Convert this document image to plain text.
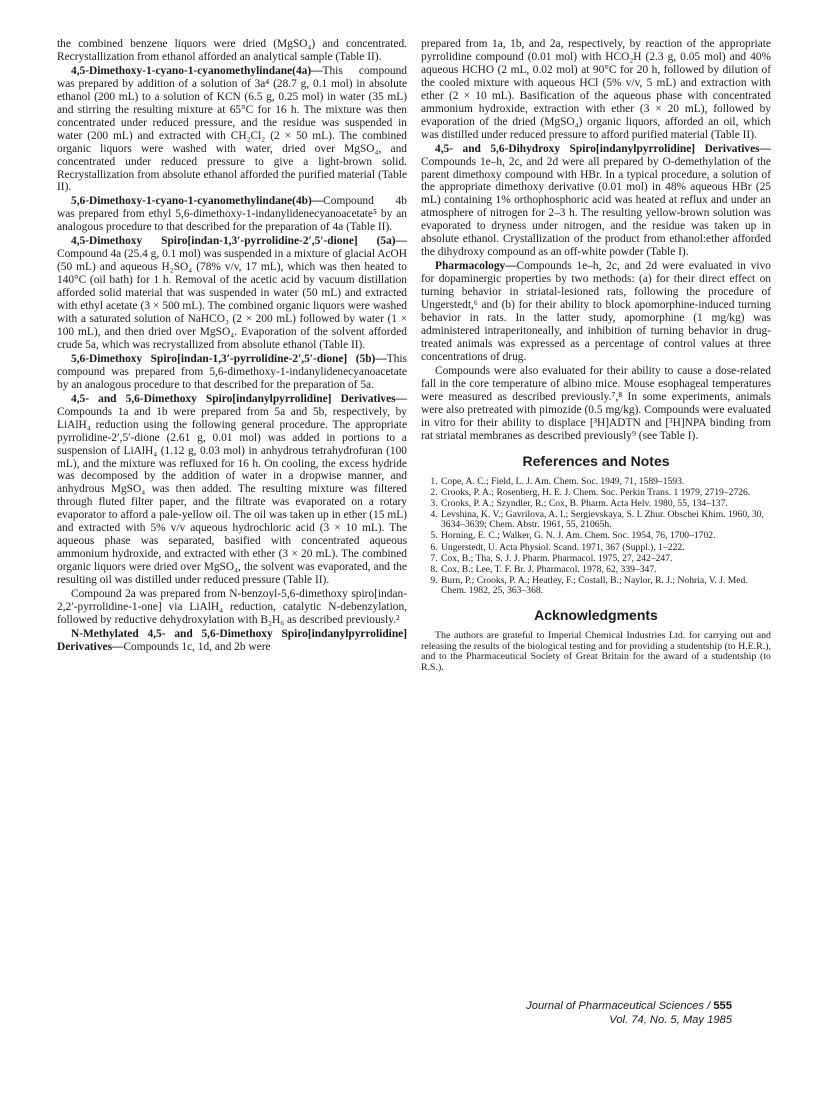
the combined benzene liquors were dried (MgSO₄) and concentrated. Recrystallization from ethanol afforded an analytical sample (Table II).

4,5-Dimethoxy-1-cyano-1-cyanomethylindane(4a)—This compound was prepared by addition of a solution of 3a⁴ (28.7 g, 0.1 mol) in absolute ethanol (200 mL) to a solution of KCN (6.5 g, 0.25 mol) in water (35 mL) and stirring the resulting mixture at 65°C for 16 h. The mixture was then concentrated under reduced pressure, and the residue was suspended in water (200 mL) and extracted with CH₂Cl₂ (2 × 50 mL). The combined organic liquors were washed with water, dried over MgSO₄, and concentrated under reduced pressure to give a light-brown solid. Recrystallization from absolute ethanol afforded the purified material (Table II).

5,6-Dimethoxy-1-cyano-1-cyanomethylindane(4b)—Compound 4b was prepared from ethyl 5,6-dimethoxy-1-indanylidenecyanoacetate⁵ by an analogous procedure to that described for the preparation of 4a (Table II).

4,5-Dimethoxy Spiro[indan-1,3′-pyrrolidine-2′,5′-dione] (5a)—Compound 4a (25.4 g, 0.1 mol) was suspended in a mixture of glacial AcOH (50 mL) and aqueous H₂SO₄ (78% v/v, 17 mL), which was then heated to 140°C (oil bath) for 1 h. Removal of the acetic acid by vacuum distillation afforded solid material that was suspended in water (50 mL) and extracted with ethyl acetate (3 × 500 mL). The combined organic liquors were washed with a saturated solution of NaHCO₃ (2 × 200 mL) followed by water (1 × 100 mL), and then dried over MgSO₄. Evaporation of the solvent afforded crude 5a, which was recrystallized from absolute ethanol (Table II).

5,6-Dimethoxy Spiro[indan-1,3′-pyrrolidine-2′,5′-dione] (5b)—This compound was prepared from 5,6-dimethoxy-1-indanylidenecyanoacetate by an analogous procedure to that described for the preparation of 5a.

4,5- and 5,6-Dimethoxy Spiro[indanylpyrrolidine] Derivatives—Compounds 1a and 1b were prepared from 5a and 5b, respectively, by LiAlH₄ reduction using the following general procedure. The appropriate pyrrolidine-2′,5′-dione (2.61 g, 0.01 mol) was added in portions to a suspension of LiAlH₄ (1.12 g, 0.03 mol) in anhydrous tetrahydrofuran (100 mL), and the mixture was refluxed for 16 h. On cooling, the excess hydride was decomposed by the addition of water in a dropwise manner, and anhydrous MgSO₄ was then added. The resulting mixture was filtered through fluted filter paper, and the filtrate was evaporated on a rotary evaporator to afford a pale-yellow oil. The oil was taken up in ether (15 mL) and extracted with 5% v/v aqueous hydrochloric acid (3 × 10 mL). The aqueous phase was separated, basified with concentrated aqueous ammonium hydroxide, and extracted with ether (3 × 20 mL). The combined organic liquors were dried over MgSO₄, the solvent was evaporated, and the resulting oil was distilled under reduced pressure (Table II).

Compound 2a was prepared from N-benzoyl-5,6-dimethoxy spiro[indan-2,2′-pyrrolidine-1-one] via LiAlH₄ reduction, catalytic N-debenzylation, followed by reductive dehydroxylation with B₂H₆ as described previously.²

N-Methylated 4,5- and 5,6-Dimethoxy Spiro[indanylpyrrolidine] Derivatives—Compounds 1c, 1d, and 2b were

prepared from 1a, 1b, and 2a, respectively, by reaction of the appropriate pyrrolidine compound (0.01 mol) with HCO₂H (2.3 g, 0.05 mol) and 40% aqueous HCHO (2 mL, 0.02 mol) at 90°C for 20 h, followed by dilution of the cooled mixture with aqueous HCl (5% v/v, 5 mL) and extraction with ether (2 × 10 mL). Basification of the aqueous phase with concentrated ammonium hydroxide, extraction with ether (3 × 20 mL), followed by evaporation of the dried (MgSO₄) organic liquors, afforded an oil, which was distilled under reduced pressure to afford purified material (Table II).

4,5- and 5,6-Dihydroxy Spiro[indanylpyrrolidine] Derivatives—Compounds 1e–h, 2c, and 2d were all prepared by O-demethylation of the parent dimethoxy compound with HBr. In a typical procedure, a solution of the appropriate dimethoxy derivative (0.01 mol) in 48% aqueous HBr (25 mL) containing 1% orthophosphoric acid was heated at reflux and under an atmosphere of nitrogen for 2–3 h. The resulting yellow-brown solution was evaporated to dryness under nitrogen, and the residue was taken up in absolute ethanol. Crystallization of the product from ethanol:ether afforded the dihydroxy compound as an off-white powder (Table I).

Pharmacology—Compounds 1e–h, 2c, and 2d were evaluated in vivo for dopaminergic properties by two methods: (a) for their direct effect on turning behavior in striatal-lesioned rats, following the procedure of Ungerstedt,⁶ and (b) for their ability to block apomorphine-induced turning behavior in rats. In the latter study, apomorphine (1 mg/kg) was administered intraperitoneally, and inhibition of turning behavior in drug-treated animals was expressed as a percentage of control values at three concentrations of drug.

Compounds were also evaluated for their ability to cause a dose-related fall in the core temperature of albino mice. Mouse esophageal temperatures were measured as described previously.⁷,⁸ In some experiments, animals were also pretreated with pimozide (0.5 mg/kg). Compounds were evaluated in vitro for their ability to displace [³H]ADTN and [³H]NPA binding from rat striatal membranes as described previously⁹ (see Table I).

References and Notes
1. Cope, A. C.; Field, L. J. Am. Chem. Soc. 1949, 71, 1589–1593.
2. Crooks, P. A.; Rosenberg, H. E. J. Chem. Soc. Perkin Trans. 1 1979, 2719–2726.
3. Crooks, P. A.; Szyndler, R.; Cox, B. Pharm. Acta Helv. 1980, 55, 134–137.
4. Levshina, K. V.; Gavrilova, A. I.; Sergievskaya, S. I. Zhur. Obschei Khim. 1960, 30, 3634–3639; Chem. Abstr. 1961, 55, 21065h.
5. Horning, E. C.; Walker, G. N. J. Am. Chem. Soc. 1954, 76, 1700–1702.
6. Ungerstedt, U. Acta Physiol. Scand. 1971, 367 (Suppl.), 1–222.
7. Cox, B.; Tha, S. J. J. Pharm. Pharmacol. 1975, 27, 242–247.
8. Cox, B.; Lee, T. F. Br. J. Pharmacol. 1978, 62, 339–347.
9. Burn, P.; Crooks, P. A.; Heatley, F.; Costall, B.; Naylor, R. J.; Nohria, V. J. Med. Chem. 1982, 25, 363–368.
Acknowledgments

The authors are grateful to Imperial Chemical Industries Ltd. for carrying out and releasing the results of the biological testing and for providing a studentship (to H.E.R.), and to the Pharmaceutical Society of Great Britain for the award of a studentship (to R.S.).

Journal of Pharmaceutical Sciences / 555
Vol. 74, No. 5, May 1985
